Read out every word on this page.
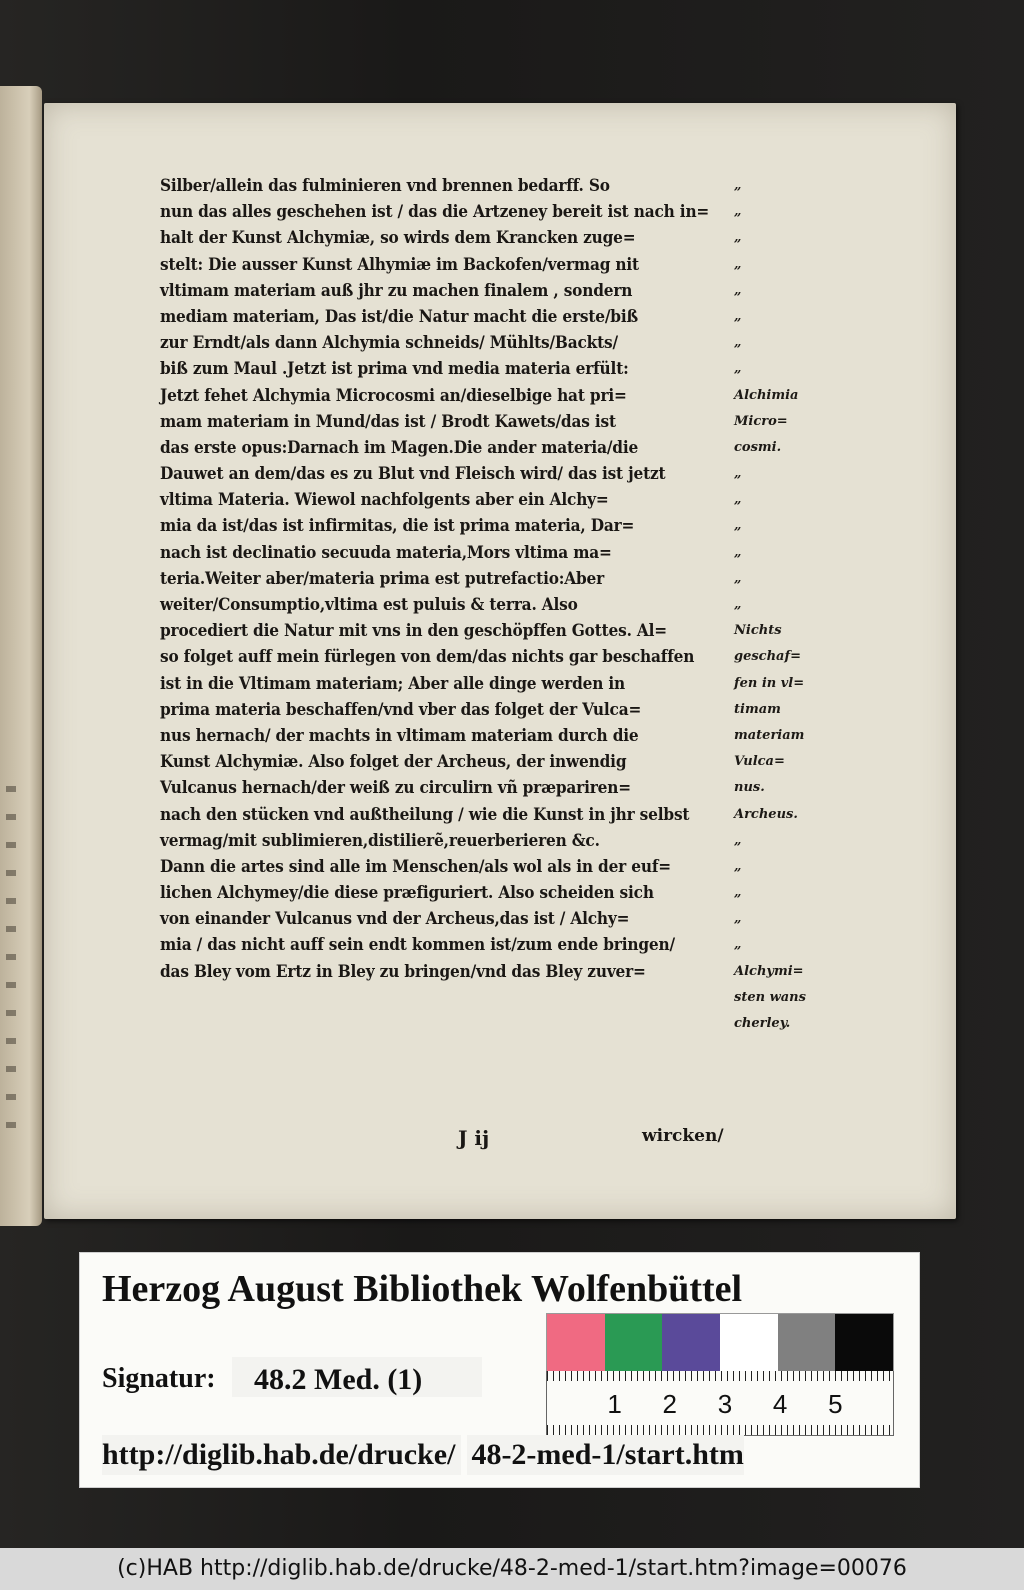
Silber/allein das fulminieren vnd brennen bedarff. So
nun das alles geschehen ist / das die Artzeney bereit ist nach in=
halt der Kunst Alchymiæ, so wirds dem Krancken zuge=
stelt: Die ausser Kunst Alhymiæ im Backofen/vermag nit
vltimam materiam auß jhr zu machen finalem , sondern
mediam materiam, Das ist/die Natur macht die erste/biß
zur Erndt/als dann Alchymia schneids/ Mühlts/Backts/
biß zum Maul .Jetzt ist prima vnd media materia erfült:
Jetzt fehet Alchymia Microcosmi an/dieselbige hat pri=
mam materiam in Mund/das ist / Brodt Kawets/das ist
das erste opus:Darnach im Magen.Die ander materia/die
Dauwet an dem/das es zu Blut vnd Fleisch wird/ das ist jetzt
vltima Materia. Wiewol nachfolgents aber ein Alchy=
mia da ist/das ist infirmitas, die ist prima materia, Dar=
nach ist declinatio secuuda materia,Mors vltima ma=
teria.Weiter aber/materia prima est putrefactio:Aber
weiter/Consumptio,vltima est puluis & terra. Also
procediert die Natur mit vns in den geschöpffen Gottes. Al=
so folget auff mein fürlegen von dem/das nichts gar beschaffen
ist in die Vltimam materiam; Aber alle dinge werden in
prima materia beschaffen/vnd vber das folget der Vulca=
nus hernach/ der machts in vltimam materiam durch die
Kunst Alchymiæ. Also folget der Archeus, der inwendig
Vulcanus hernach/der weiß zu circulirn vñ præpariren=
nach den stücken vnd außtheilung / wie die Kunst in jhr selbst
vermag/mit sublimieren,distilierẽ,reuerberieren &c.
Dann die artes sind alle im Menschen/als wol als in der euf=
lichen Alchymey/die diese præfiguriert. Also scheiden sich
von einander Vulcanus vnd der Archeus,das ist / Alchy=
mia / das nicht auff sein endt kommen ist/zum ende bringen/
das Bley vom Ertz in Bley zu bringen/vnd das Bley zuver=
„
„
„
„
„
„
„
„
Alchimia
Micro=
cosmi.
„
„
„
„
„
„
Nichts
geschaf=
fen in vl=
timam
materiam
Vulca=
nus.
Archeus.
„
„
„
„
„
Alchymi=
sten wans
cherley.
J ij	wircken/
Herzog August Bibliothek Wolfenbüttel
Signatur:	48.2 Med. (1)
1 2 3 4 5
http://diglib.hab.de/drucke/ 48-2-med-1/start.htm
(c)HAB http://diglib.hab.de/drucke/48-2-med-1/start.htm?image=00076
